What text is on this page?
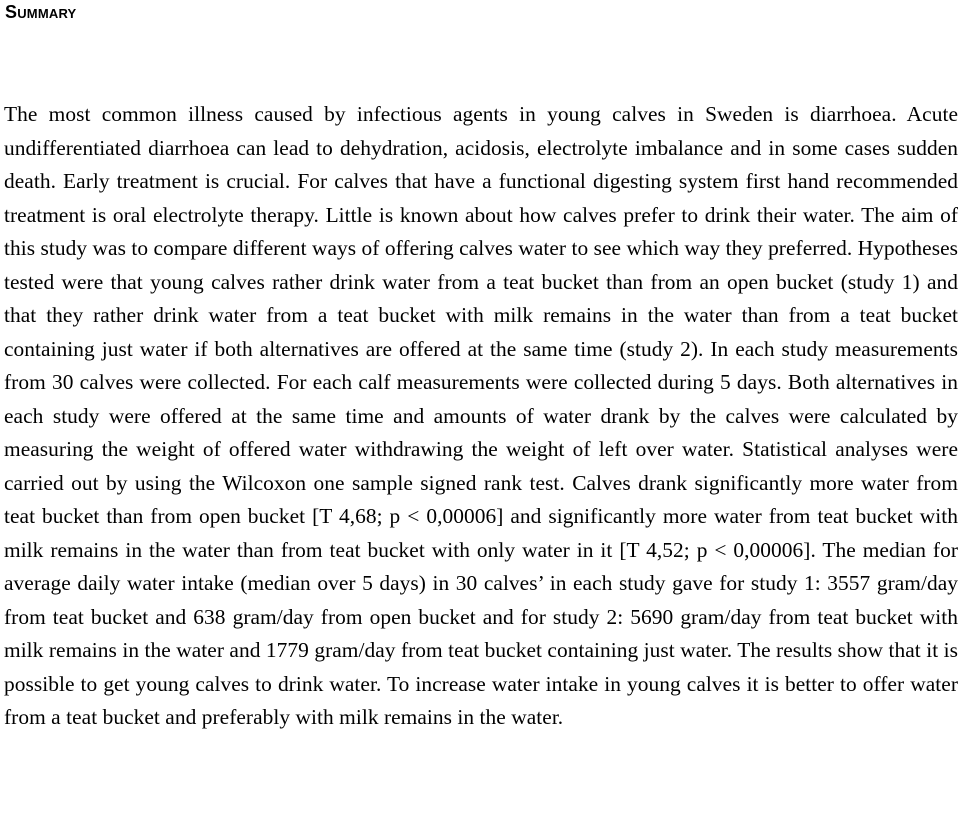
Summary

The most common illness caused by infectious agents in young calves in Sweden is diarrhoea. Acute undifferentiated diarrhoea can lead to dehydration, acidosis, electrolyte imbalance and in some cases sudden death. Early treatment is crucial. For calves that have a functional digesting system first hand recommended treatment is oral electrolyte therapy. Little is known about how calves prefer to drink their water. The aim of this study was to compare different ways of offering calves water to see which way they preferred. Hypotheses tested were that young calves rather drink water from a teat bucket than from an open bucket (study 1) and that they rather drink water from a teat bucket with milk remains in the water than from a teat bucket containing just water if both alternatives are offered at the same time (study 2). In each study measurements from 30 calves were collected. For each calf measurements were collected during 5 days. Both alternatives in each study were offered at the same time and amounts of water drank by the calves were calculated by measuring the weight of offered water withdrawing the weight of left over water. Statistical analyses were carried out by using the Wilcoxon one sample signed rank test. Calves drank significantly more water from teat bucket than from open bucket [T 4,68; p < 0,00006] and significantly more water from teat bucket with milk remains in the water than from teat bucket with only water in it [T 4,52; p < 0,00006]. The median for average daily water intake (median over 5 days) in 30 calves’ in each study gave for study 1: 3557 gram/day from teat bucket and 638 gram/day from open bucket and for study 2: 5690 gram/day from teat bucket with milk remains in the water and 1779 gram/day from teat bucket containing just water. The results show that it is possible to get young calves to drink water. To increase water intake in young calves it is better to offer water from a teat bucket and preferably with milk remains in the water.
